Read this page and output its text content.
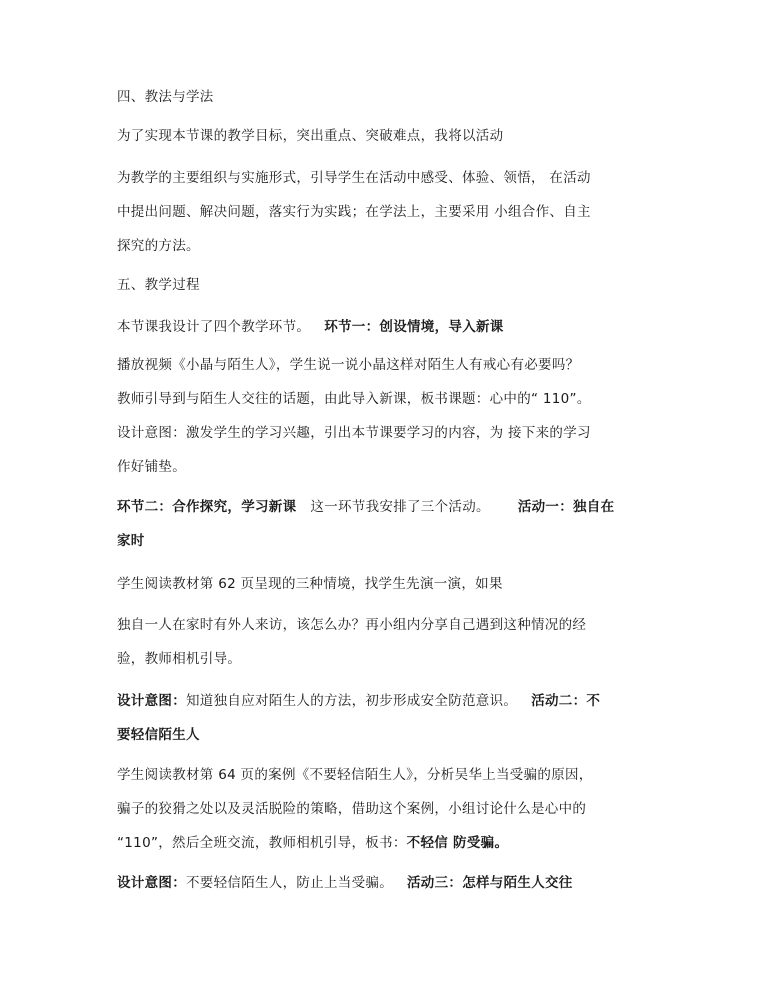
四、教法与学法
为了实现本节课的教学目标，突出重点、突破难点，我将以活动
为教学的主要组织与实施形式，引导学生在活动中感受、体验、领悟， 在活动
中提出问题、解决问题，落实行为实践；在学法上，主要采用 小组合作、自主
探究的方法。
五、教学过程
本节课我设计了四个教学环节。 环节一：创设情境，导入新课
播放视频《小晶与陌生人》，学生说一说小晶这样对陌生人有戒心有必要吗？
教师引导到与陌生人交往的话题，由此导入新课，板书课题：心中的“ 110”。
设计意图：激发学生的学习兴趣，引出本节课要学习的内容，为 接下来的学习
作好铺垫。
环节二：合作探究，学习新课 这一环节我安排了三个活动。 活动一：独自在
家时
学生阅读教材第 62 页呈现的三种情境，找学生先演一演，如果
独自一人在家时有外人来访，该怎么办？再小组内分享自己遇到这种情况的经
验，教师相机引导。
设计意图：知道独自应对陌生人的方法，初步形成安全防范意识。 活动二：不
要轻信陌生人
学生阅读教材第 64 页的案例《不要轻信陌生人》，分析吴华上当受骗的原因，
骗子的狡猾之处以及灵活脱险的策略，借助这个案例，小组讨论什么是心中的
“110”，然后全班交流，教师相机引导，板书：不轻信 防受骗。
设计意图：不要轻信陌生人，防止上当受骗。 活动三：怎样与陌生人交往
